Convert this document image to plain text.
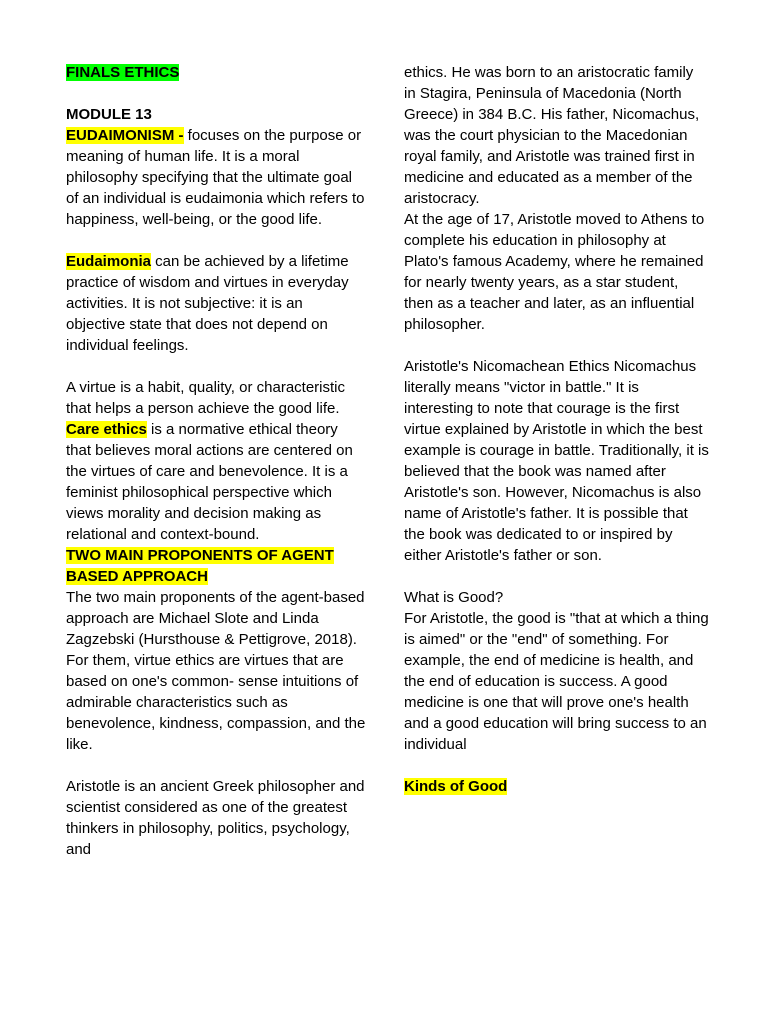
FINALS ETHICS

MODULE 13

EUDAIMONISM - focuses on the purpose or meaning of human life. It is a moral philosophy specifying that the ultimate goal of an individual is eudaimonia which refers to happiness, well-being, or the good life.

Eudaimonia can be achieved by a lifetime practice of wisdom and virtues in everyday activities. It is not subjective: it is an objective state that does not depend on individual feelings.

A virtue is a habit, quality, or characteristic that helps a person achieve the good life.

Care ethics is a normative ethical theory that believes moral actions are centered on the virtues of care and benevolence. It is a feminist philosophical perspective which views morality and decision making as relational and context-bound.

TWO MAIN PROPONENTS OF AGENT BASED APPROACH

The two main proponents of the agent-based approach are Michael Slote and Linda Zagzebski (Hursthouse & Pettigrove, 2018).

For them, virtue ethics are virtues that are based on one's common- sense intuitions of admirable characteristics such as benevolence, kindness, compassion, and the like.

Aristotle is an ancient Greek philosopher and scientist considered as one of the greatest thinkers in philosophy, politics, psychology, and

ethics. He was born to an aristocratic family in Stagira, Peninsula of Macedonia (North Greece) in 384 B.C. His father, Nicomachus, was the court physician to the Macedonian royal family, and Aristotle was trained first in medicine and educated as a member of the aristocracy.

At the age of 17, Aristotle moved to Athens to complete his education in philosophy at Plato's famous Academy, where he remained for nearly twenty years, as a star student, then as a teacher and later, as an influential philosopher.

Aristotle's Nicomachean Ethics Nicomachus literally means "victor in battle." It is interesting to note that courage is the first virtue explained by Aristotle in which the best example is courage in battle. Traditionally, it is believed that the book was named after Aristotle's son. However, Nicomachus is also name of Aristotle's father. It is possible that the book was dedicated to or inspired by either Aristotle's father or son.

What is Good?

For Aristotle, the good is "that at which a thing is aimed" or the "end" of something. For example, the end of medicine is health, and the end of education is success. A good medicine is one that will prove one's health and a good education will bring success to an individual

Kinds of Good
